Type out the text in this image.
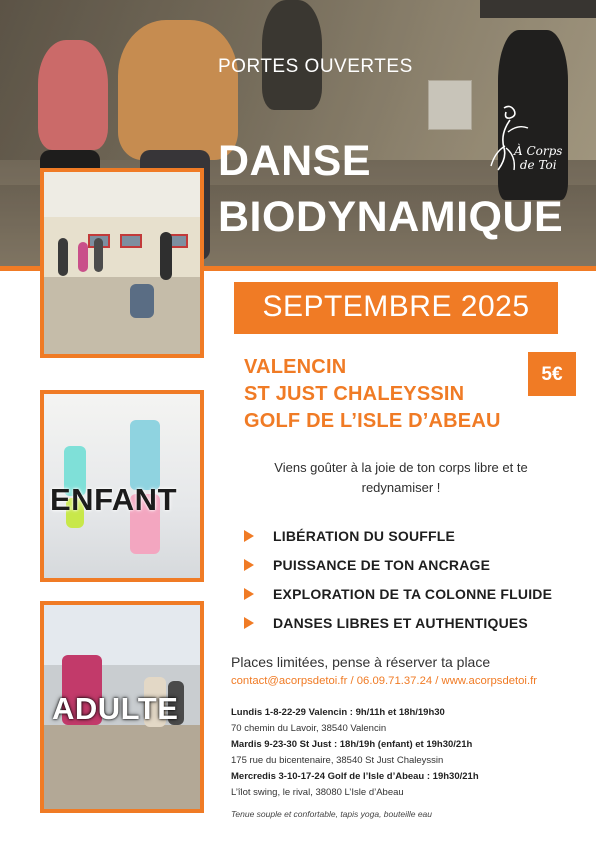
PORTES OUVERTES
DANSE
BIODYNAMIQUE
À Corps
de Toi
ENFANT
ADULTE
SEPTEMBRE 2025
VALENCIN
ST JUST CHALEYSSIN
GOLF DE L’ISLE D’ABEAU
5€
Viens goûter à la joie de ton corps libre et te
redynamiser !
LIBÉRATION DU SOUFFLE
PUISSANCE DE TON ANCRAGE
EXPLORATION DE TA COLONNE FLUIDE
DANSES LIBRES ET AUTHENTIQUES
Places limitées, pense à réserver ta place
contact@acorpsdetoi.fr / 06.09.71.37.24 / www.acorpsdetoi.fr
Lundis 1-8-22-29 Valencin : 9h/11h et 18h/19h30
70 chemin du Lavoir, 38540 Valencin
Mardis 9-23-30 St Just : 18h/19h (enfant) et 19h30/21h
175 rue du bicentenaire, 38540 St Just Chaleyssin
Mercredis 3-10-17-24 Golf de l’Isle d’Abeau : 19h30/21h
L’îlot swing, le rival, 38080 L’Isle d’Abeau
Tenue souple et confortable, tapis yoga, bouteille eau
